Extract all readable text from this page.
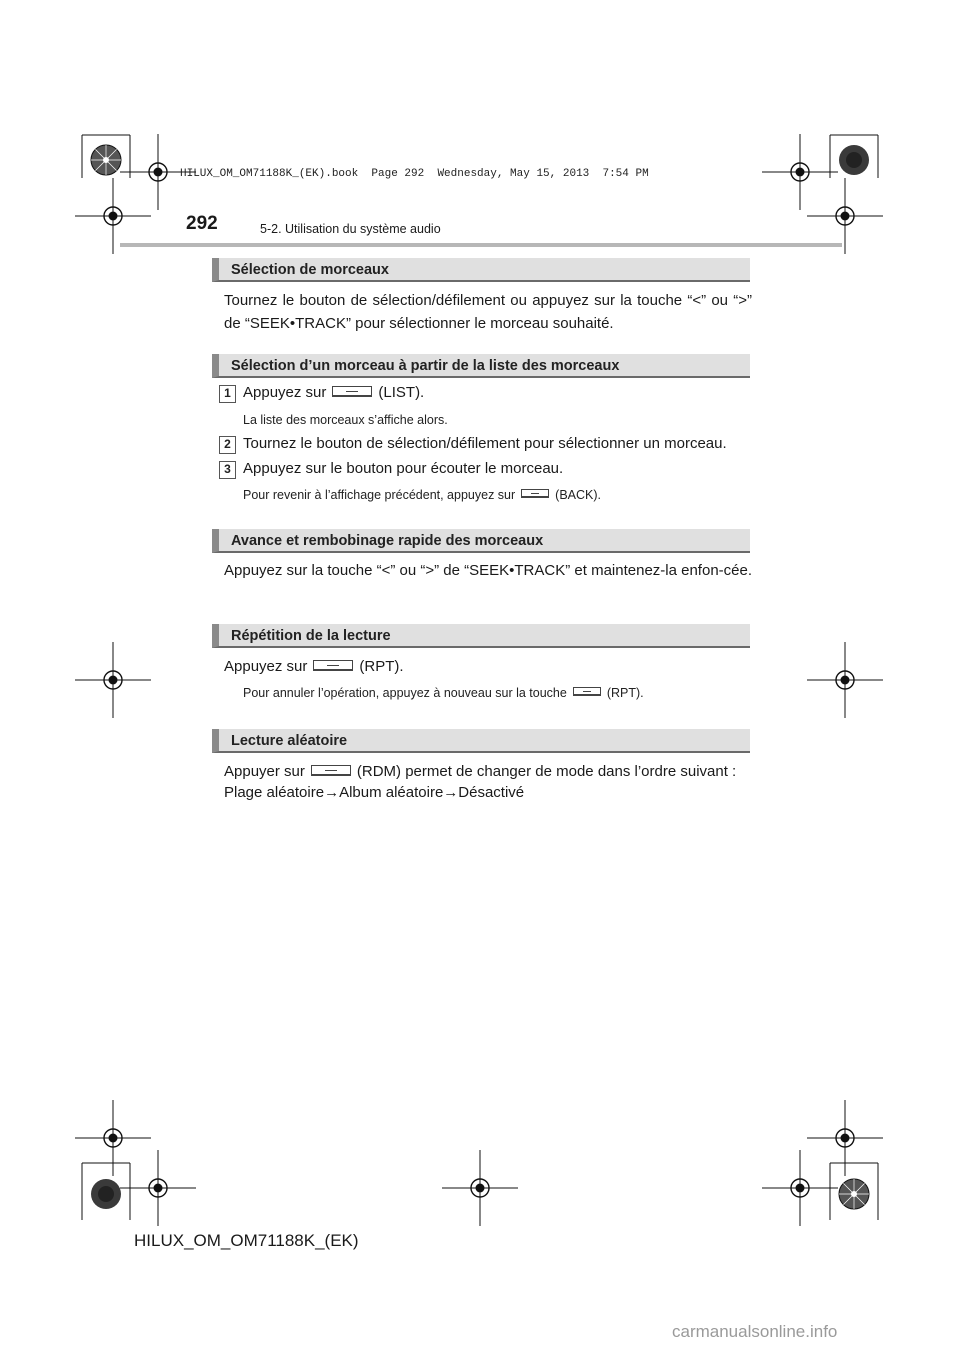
HILUX_OM_OM71188K_(EK).book  Page 292  Wednesday, May 15, 2013  7:54 PM
292	5-2. Utilisation du système audio
Sélection de morceaux
Tournez le bouton de sélection/défilement ou appuyez sur la touche “<” ou “>” de “SEEK•TRACK” pour sélectionner le morceau souhaité.
Sélection d’un morceau à partir de la liste des morceaux
1 Appuyez sur	(LIST).
La liste des morceaux s’affiche alors.
2 Tournez le bouton de sélection/défilement pour sélectionner un morceau.
3 Appuyez sur le bouton pour écouter le morceau.
Pour revenir à l’affichage précédent, appuyez sur	(BACK).
Avance et rembobinage rapide des morceaux
Appuyez sur la touche “<” ou “>” de “SEEK•TRACK” et maintenez-la enfon-cée.
Répétition de la lecture
Appuyez sur	(RPT).
Pour annuler l’opération, appuyez à nouveau sur la touche	(RPT).
Lecture aléatoire
Appuyer sur	(RDM) permet de changer de mode dans l’ordre suivant :
Plage aléatoire→Album aléatoire→Désactivé
HILUX_OM_OM71188K_(EK)
carmanualsonline.info
